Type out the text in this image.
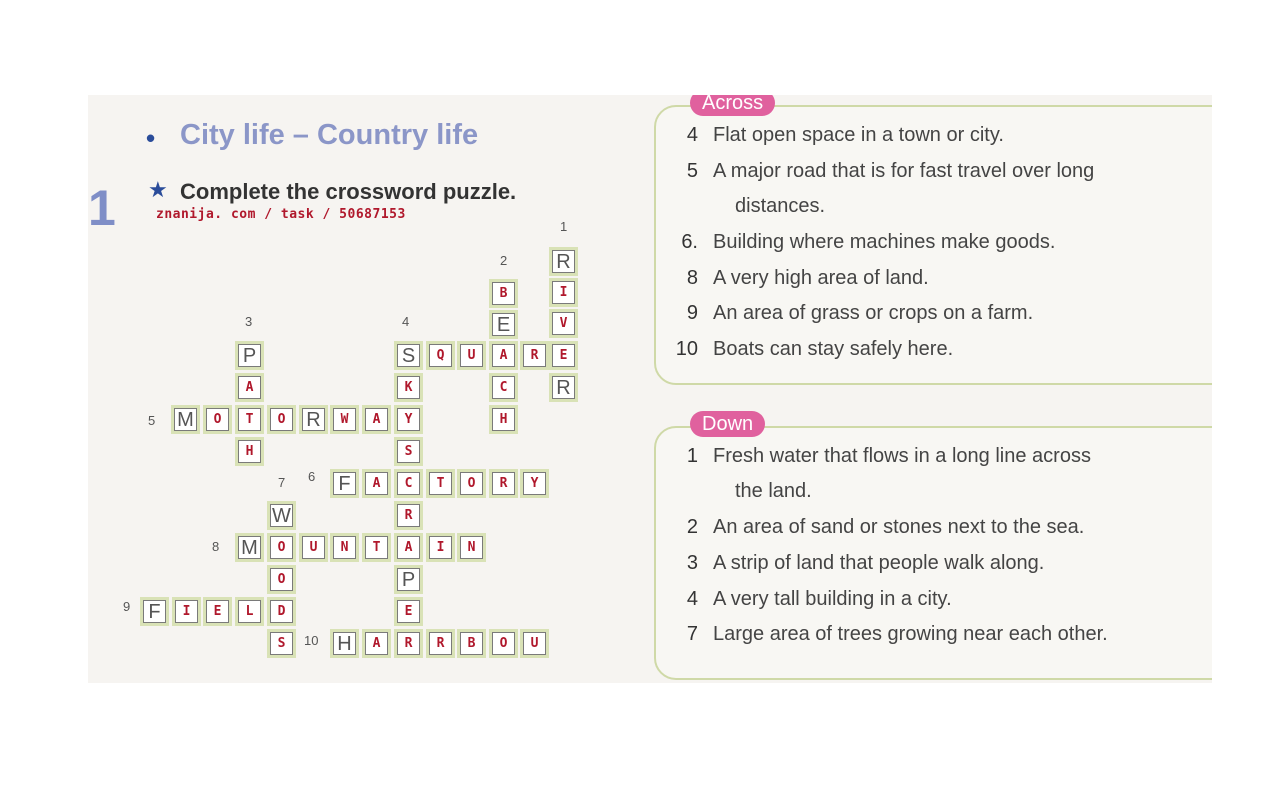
• City life – Country life
1 ★ Complete the crossword puzzle.
znanija. com / task / 50687153
1
2
3	4
5
6
7
8
9
10
R
I
V
E
R
B
E
A
C
H
S Q U	R
K
Y
S
C
R
A
P
E
R
P
A
T
H
M O	O R W A
F A	T O R Y
W
M O U N T	I N
O
F I E L D
S	H A	R B O U
Across
4 Flat open space in a town or city.
5 A major road that is for fast travel over long
distances.
6. Building where machines make goods.
8 A very high area of land.
9 An area of grass or crops on a farm.
10 Boats can stay safely here.
Down
1 Fresh water that flows in a long line across
the land.
2 An area of sand or stones next to the sea.
3 A strip of land that people walk along.
4 A very tall building in a city.
7 Large area of trees growing near each other.
